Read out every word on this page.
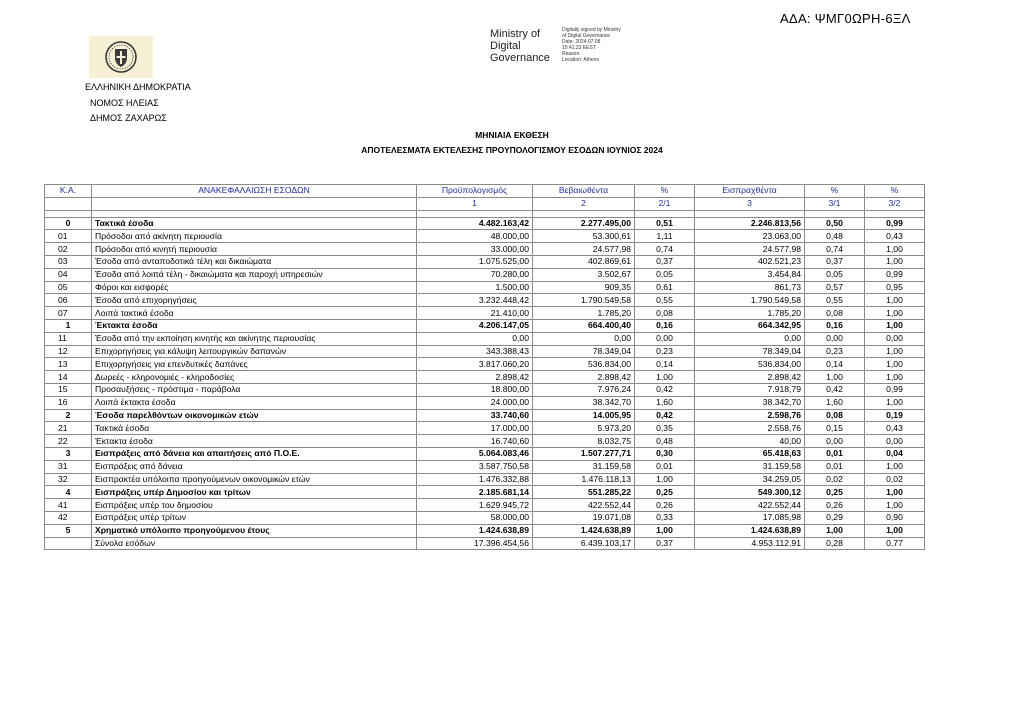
ΑΔΑ: ΨΜΓ0ΩΡΗ-6ΞΛ
ΕΛΛΗΝΙΚΗ ΔΗΜΟΚΡΑΤΙΑ
ΝΟΜΟΣ ΗΛΕΙΑΣ
ΔΗΜΟΣ ΖΑΧΑΡΩΣ
Ministry of
Digital
Governance
Digitally signed by Ministry
of Digital Governance
Date: 2024.07.08
10:41:23 EEST
Reason:
Location: Athens
ΜΗΝΙΑΙΑ ΕΚΘΕΣΗ
ΑΠΟΤΕΛΕΣΜΑΤΑ ΕΚΤΕΛΕΣΗΣ ΠΡΟΥΠΟΛΟΓΙΣΜΟΥ ΕΣΟΔΩΝ ΙΟΥΝΙΟΣ 2024
Κ.Α.	ΑΝΑΚΕΦΑΛΑΙΩΣΗ ΕΣΟΔΩΝ	Προϋπολογισμός	Βεβαιωθέντα	%	Εισπραχθέντα	%	%
		1	2	2/1	3	3/1	3/2

0	Τακτικά έσοδα	4.482.163,42	2.277.495,00	0,51	2.246.813,56	0,50	0,99
01	Πρόσοδοι από ακίνητη περιουσία	48.000,00	53.300,61	1,11	23.063,00	0,48	0,43
02	Πρόσοδοι από κινητή περιουσία	33.000,00	24.577,98	0,74	24.577,98	0,74	1,00
03	Έσοδα από ανταποδοτικά τέλη και δικαιώματα	1.075.525,00	402.869,61	0,37	402.521,23	0,37	1,00
04	Έσοδα από λοιπά τέλη - δικαιώματα και παροχή υπηρεσιών	70.280,00	3.502,67	0,05	3.454,84	0,05	0,99
05	Φόροι και εισφορές	1.500,00	909,35	0,61	861,73	0,57	0,95
06	Έσοδα από επιχορηγήσεις	3.232.448,42	1.790.549,58	0,55	1.790.549,58	0,55	1,00
07	Λοιπά τακτικά έσοδα	21.410,00	1.785,20	0,08	1.785,20	0,08	1,00
1	Έκτακτα έσοδα	4.206.147,05	664.400,40	0,16	664.342,95	0,16	1,00
11	Έσοδα από την εκποίηση κινητής και ακίνητης περιουσίας	0,00	0,00	0,00	0,00	0,00	0,00
12	Επιχορηγήσεις για κάλυψη λειτουργικών δαπανών	343.388,43	78.349,04	0,23	78.349,04	0,23	1,00
13	Επιχορηγήσεις για επενδυτικές δαπάνες	3.817.060,20	536.834,00	0,14	536.834,00	0,14	1,00
14	Δωρεές - κληρονομιές - κληροδοσίες	2.898,42	2.898,42	1,00	2.898,42	1,00	1,00
15	Προσαυξήσεις - πρόστιμα - παράβολα	18.800,00	7.976,24	0,42	7.918,79	0,42	0,99
16	Λοιπά έκτακτα έσοδα	24.000,00	38.342,70	1,60	38.342,70	1,60	1,00
2	Έσοδα παρελθόντων οικονομικών ετών	33.740,60	14.005,95	0,42	2.598,76	0,08	0,19
21	Τακτικά έσοδα	17.000,00	5.973,20	0,35	2.558,76	0,15	0,43
22	Έκτακτα έσοδα	16.740,60	8.032,75	0,48	40,00	0,00	0,00
3	Εισπράξεις από δάνεια και απαιτήσεις από Π.Ο.Ε.	5.064.083,46	1.507.277,71	0,30	65.418,63	0,01	0,04
31	Εισπράξεις από δάνεια	3.587.750,58	31.159,58	0,01	31.159,58	0,01	1,00
32	Εισπρακτέα υπόλοιπα προηγούμενων οικονομικών ετών	1.476.332,88	1.476.118,13	1,00	34.259,05	0,02	0,02
4	Εισπράξεις υπέρ Δημοσίου και τρίτων	2.185.681,14	551.285,22	0,25	549.300,12	0,25	1,00
41	Εισπράξεις υπέρ του δημοσίου	1.629.945,72	422.552,44	0,26	422.552,44	0,26	1,00
42	Εισπράξεις υπέρ τρίτων	58.000,00	19.071,08	0,33	17.085,98	0,29	0,90
5	Χρηματικό υπόλοιπο προηγούμενου έτους	1.424.638,89	1.424.638,89	1,00	1.424.638,89	1,00	1,00
	Σύνολα εσόδων	17.396.454,56	6.439.103,17	0,37	4.953.112,91	0,28	0,77
